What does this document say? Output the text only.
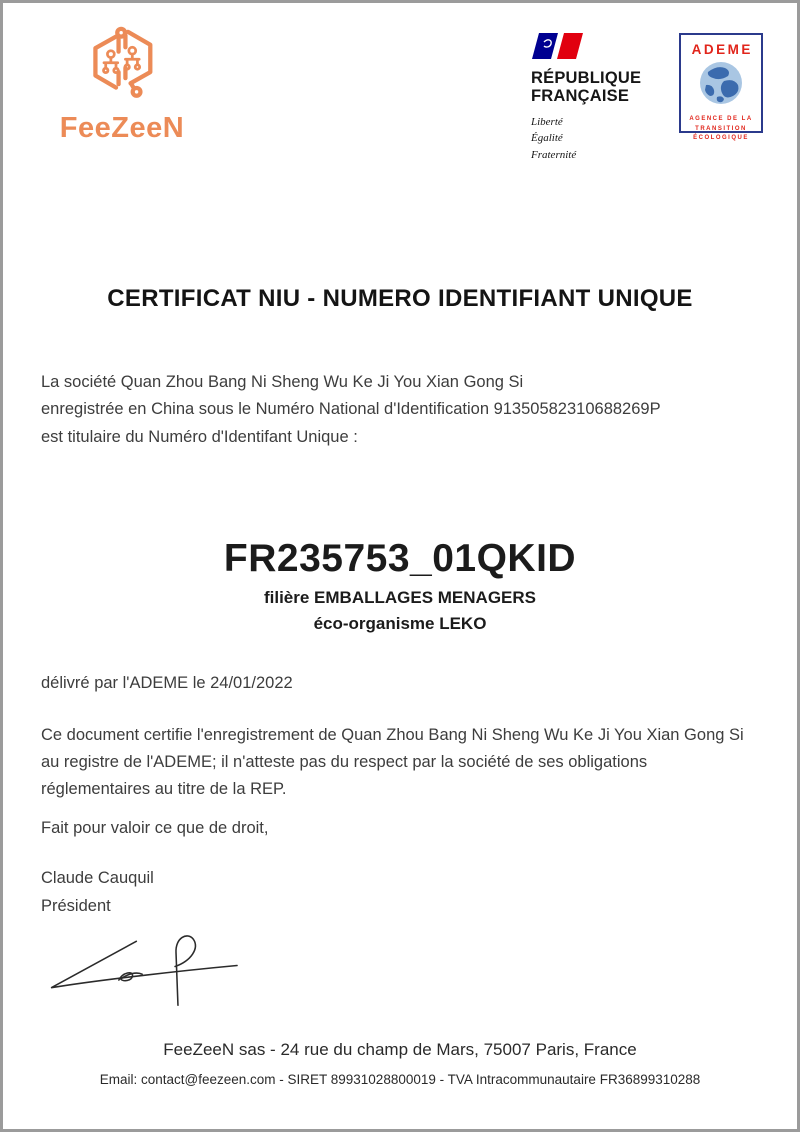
FeeZeeN
RÉPUBLIQUE
FRANÇAISE
Liberté
Égalité
Fraternité
ADEME
AGENCE DE LA
TRANSITION
ÉCOLOGIQUE
CERTIFICAT NIU - NUMERO IDENTIFIANT UNIQUE

La société Quan Zhou Bang Ni Sheng Wu Ke Ji You Xian Gong Si
enregistrée en China sous le Numéro National d'Identification 91350582310688269P
est titulaire du Numéro d'Identifant Unique :

FR235753_01QKID
filière EMBALLAGES MENAGERS
éco-organisme LEKO

délivré par l'ADEME le 24/01/2022

Ce document certifie l'enregistrement de Quan Zhou Bang Ni Sheng Wu Ke Ji You Xian Gong Si au registre de l'ADEME; il n'atteste pas du respect par la société de ses obligations réglementaires au titre de la REP.

Fait pour valoir ce que de droit,

Claude Cauquil
Président
FeeZeeN sas - 24 rue du champ de Mars, 75007 Paris, France
Email: contact@feezeen.com - SIRET 89931028800019 - TVA Intracommunautaire FR36899310288
